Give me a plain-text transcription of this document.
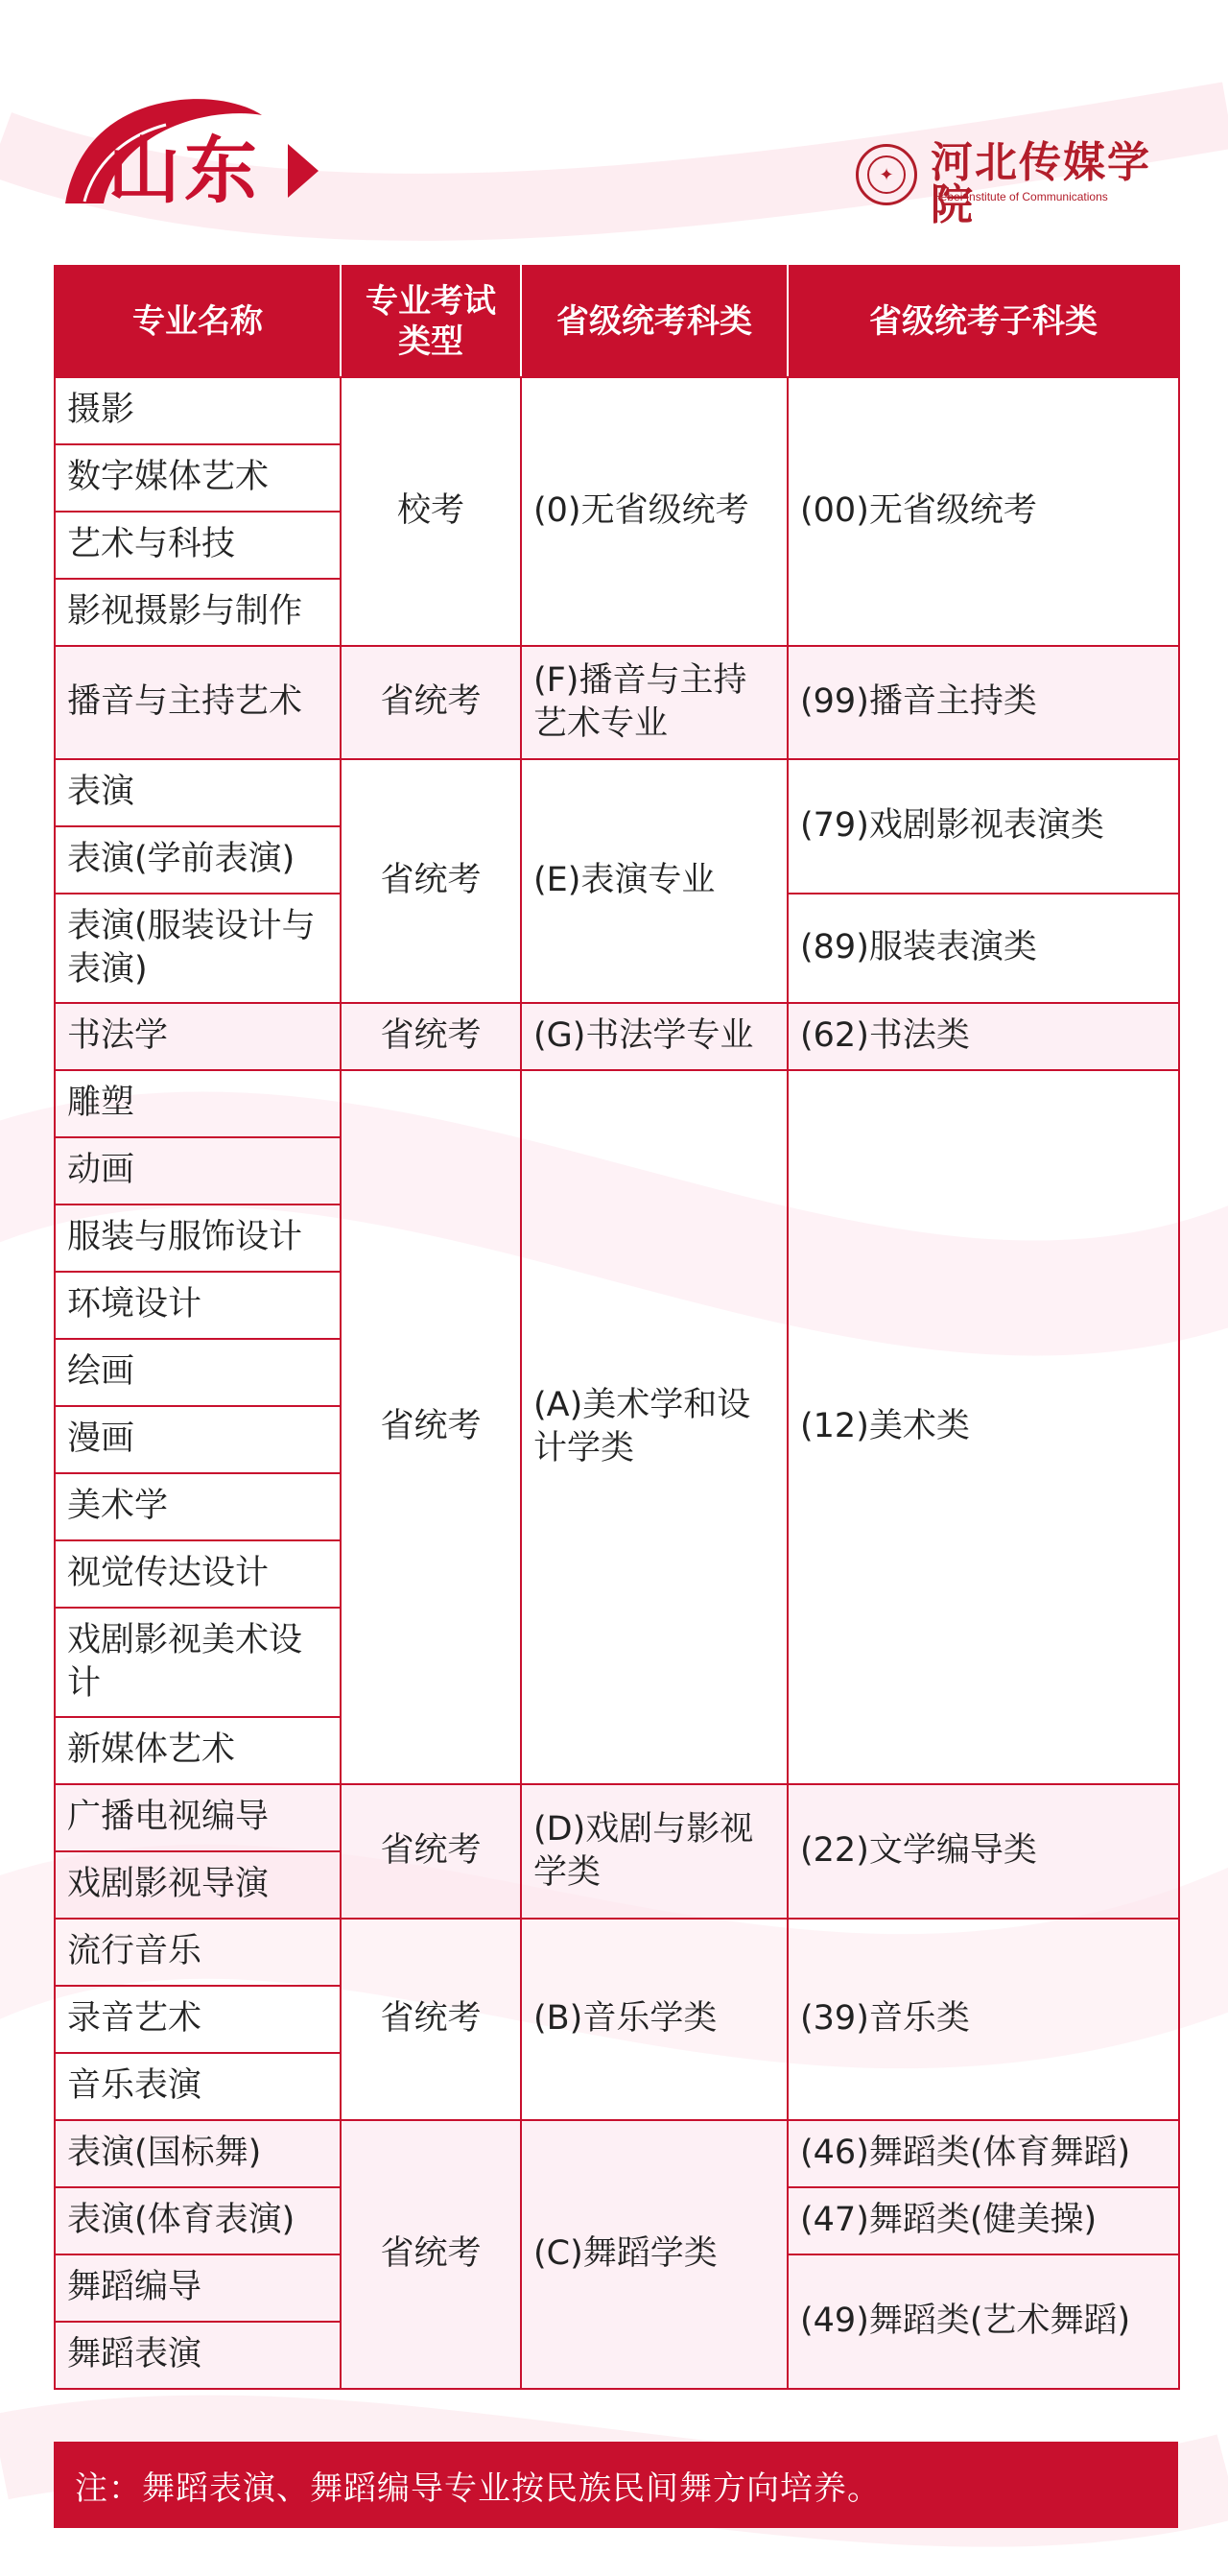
山东	✦ 河北传媒学院
Hebei Institute of Communications
专业名称	专业考试类型	省级统考科类	省级统考子科类
摄影	校考	(0)无省级统考	(00)无省级统考
数字媒体艺术			
艺术与科技			
影视摄影与制作			
播音与主持艺术	省统考	(F)播音与主持艺术专业	(99)播音主持类
表演	省统考	(E)表演专业	(79)戏剧影视表演类
表演(学前表演)			
表演(服装设计与表演)			(89)服装表演类
书法学	省统考	(G)书法学专业	(62)书法类
雕塑	省统考	(A)美术学和设计学类	(12)美术类
动画			
服装与服饰设计			
环境设计			
绘画			
漫画			
美术学			
视觉传达设计			
戏剧影视美术设计			
新媒体艺术			
广播电视编导	省统考	(D)戏剧与影视学类	(22)文学编导类
戏剧影视导演			
流行音乐	省统考	(B)音乐学类	(39)音乐类
录音艺术			
音乐表演			
表演(国标舞)	省统考	(C)舞蹈学类	(46)舞蹈类(体育舞蹈)
表演(体育表演)			(47)舞蹈类(健美操)
舞蹈编导			(49)舞蹈类(艺术舞蹈)
舞蹈表演			
注：舞蹈表演、舞蹈编导专业按民族民间舞方向培养。
